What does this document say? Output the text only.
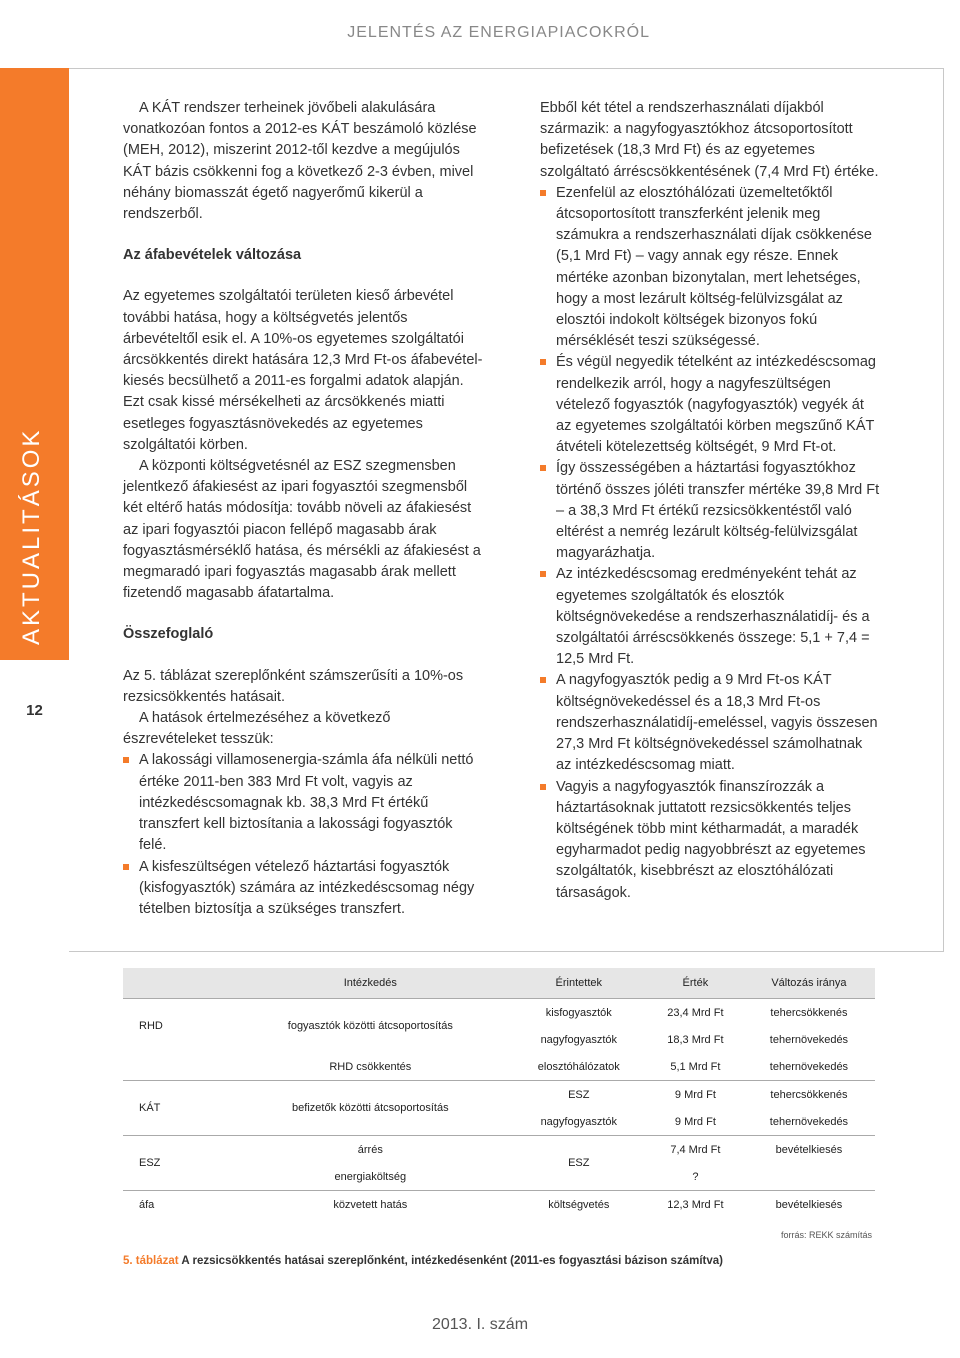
JELENTÉS AZ ENERGIAPIACOKRÓL
AKTUALITÁSOK
12

A KÁT rendszer terheinek jövőbeli alakulására vonatkozóan fontos a 2012-es KÁT beszámoló közlése (MEH, 2012), miszerint 2012-től kezdve a megújulós KÁT bázis csökkenni fog a következő 2-3 évben, mivel néhány biomasszát égető nagyerőmű kikerül a rendszerből.

Az áfabevételek változása

Az egyetemes szolgáltatói területen kieső árbevétel további hatása, hogy a költségvetés jelentős árbevételtől esik el. A 10%-os egyetemes szolgáltatói árcsökkentés direkt hatására 12,3 Mrd Ft-os áfabevétel-kiesés becsülhető a 2011-es forgalmi adatok alapján. Ezt csak kissé mérsékelheti az árcsökkenés miatti esetleges fogyasztásnövekedés az egyetemes szolgáltatói körben.

A központi költségvetésnél az ESZ szegmensben jelentkező áfakiesést az ipari fogyasztói szegmensből két eltérő hatás módosítja: tovább növeli az áfakiesést az ipari fogyasztói piacon fellépő magasabb árak fogyasztásmérséklő hatása, és mérsékli az áfakiesést a megmaradó ipari fogyasztás magasabb árak mellett fizetendő magasabb áfatartalma.

Összefoglaló

Az 5. táblázat szereplőnként számszerűsíti a 10%-os rezsicsökkentés hatásait.

A hatások értelmezéséhez a következő észrevételeket tesszük:

A lakossági villamosenergia-számla áfa nélküli nettó értéke 2011-ben 383 Mrd Ft volt, vagyis az intézkedéscsomagnak kb. 38,3 Mrd Ft értékű transzfert kell biztosítania a lakossági fogyasztók felé.

A kisfeszültségen vételező háztartási fogyasztók (kisfogyasztók) számára az intézkedéscsomag négy tételben biztosítja a szükséges transzfert.

Ebből két tétel a rendszerhasználati díjakból származik: a nagyfogyasztókhoz átcsoportosított befizetések (18,3 Mrd Ft) és az egyetemes szolgáltató árréscsökkentésének (7,4 Mrd Ft) értéke.

Ezenfelül az elosztóhálózati üzemeltetőktől átcsoportosított transzferként jelenik meg számukra a rendszerhasználati díjak csökkenése (5,1 Mrd Ft) – vagy annak egy része. Ennek mértéke azonban bizonytalan, mert lehetséges, hogy a most lezárult költség-felülvizsgálat az elosztói indokolt költségek bizonyos fokú mérséklését teszi szükségessé.

És végül negyedik tételként az intézkedéscsomag rendelkezik arról, hogy a nagyfeszültségen vételező fogyasztók (nagyfogyasztók) vegyék át az egyetemes szolgáltatói körben megszűnő KÁT átvételi kötelezettség költségét, 9 Mrd Ft-ot.

Így összességében a háztartási fogyasztókhoz történő összes jóléti transzfer mértéke 39,8 Mrd Ft – a 38,3 Mrd Ft értékű rezsicsökkentéstől való eltérést a nemrég lezárult költség-felülvizsgálat magyarázhatja.

Az intézkedéscsomag eredményeként tehát az egyetemes szolgáltatók és elosztók költségnövekedése a rendszerhasználatidíj- és a szolgáltatói árréscsökkenés összege: 5,1 + 7,4 = 12,5 Mrd Ft.

A nagyfogyasztók pedig a 9 Mrd Ft-os KÁT költségnövekedéssel és a 18,3 Mrd Ft-os rendszerhasználatidíj-emeléssel, vagyis összesen 27,3 Mrd Ft költségnövekedéssel számolhatnak az intézkedéscsomag miatt.

Vagyis a nagyfogyasztók finanszírozzák a háztartásoknak juttatott rezsicsökkentés teljes költségének több mint kétharmadát, a maradék egyharmadot pedig nagyobbrészt az egyetemes szolgáltatók, kisebbrészt az elosztóhálózati társaságok.

	Intézkedés	Érintettek	Érték	Változás iránya
RHD	fogyasztók közötti átcsoportosítás	kisfogyasztók	23,4 Mrd Ft	tehercsökkenés
		nagyfogyasztók	18,3 Mrd Ft	tehernövekedés
	RHD csökkentés	elosztóhálózatok	5,1 Mrd Ft	tehernövekedés
KÁT	befizetők közötti átcsoportosítás	ESZ	9 Mrd Ft	tehercsökkenés
		nagyfogyasztók	9 Mrd Ft	tehernövekedés
ESZ	árrés	ESZ	7,4 Mrd Ft	bevételkiesés
	energiaköltség		?	
áfa	közvetett hatás	költségvetés	12,3 Mrd Ft	bevételkiesés
forrás: REKK számítás
5. táblázat A rezsicsökkentés hatásai szereplőnként, intézkedésenként (2011-es fogyasztási bázison számítva)
2013. I. szám
